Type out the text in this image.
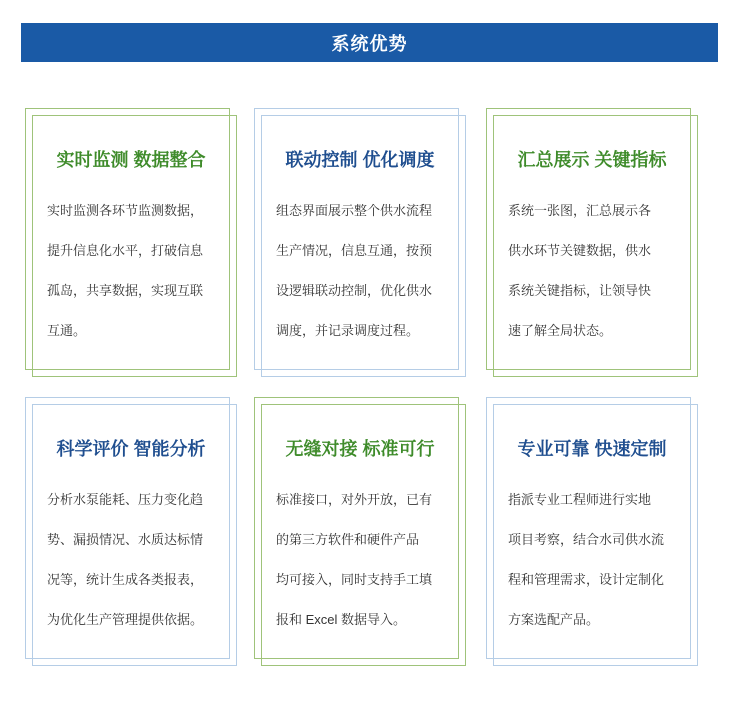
系统优势
实时监测 数据整合

实时监测各环节监测数据，

提升信息化水平，打破信息

孤岛，共享数据，实现互联

互通。

联动控制 优化调度

组态界面展示整个供水流程

生产情况，信息互通，按预

设逻辑联动控制，优化供水

调度，并记录调度过程。

汇总展示 关键指标

系统一张图，汇总展示各

供水环节关键数据，供水

系统关键指标，让领导快

速了解全局状态。

科学评价 智能分析

分析水泵能耗、压力变化趋

势、漏损情况、水质达标情

况等，统计生成各类报表，

为优化生产管理提供依据。

无缝对接 标准可行

标准接口，对外开放，已有

的第三方软件和硬件产品

均可接入，同时支持手工填

报和 Excel 数据导入。

专业可靠 快速定制

指派专业工程师进行实地

项目考察，结合水司供水流

程和管理需求，设计定制化

方案选配产品。
